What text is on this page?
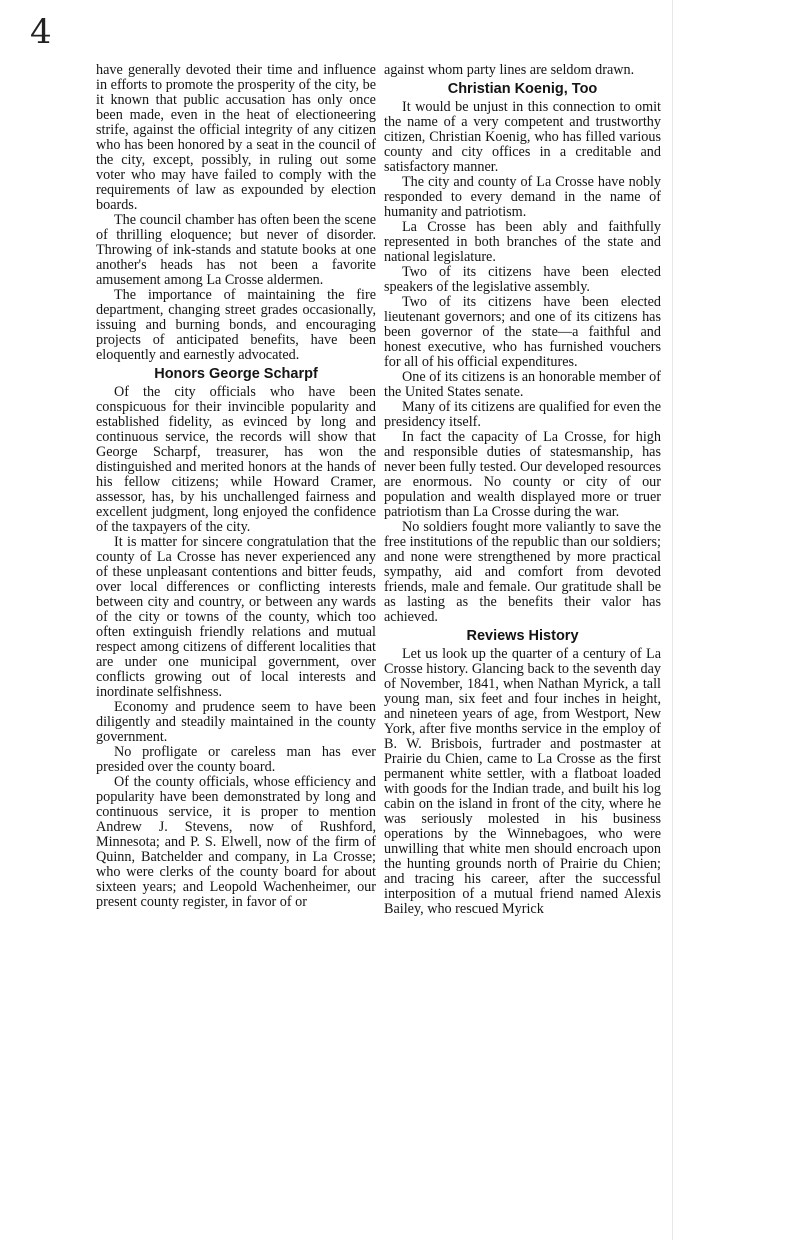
4

have generally devoted their time and influence in efforts to promote the prosperity of the city, be it known that public accusation has only once been made, even in the heat of electioneering strife, against the official integrity of any citizen who has been honored by a seat in the council of the city, except, possibly, in ruling out some voter who may have failed to comply with the requirements of law as expounded by election boards.

The council chamber has often been the scene of thrilling eloquence; but never of disorder. Throwing of ink-stands and statute books at one another's heads has not been a favorite amusement among La Crosse aldermen.

The importance of maintaining the fire department, changing street grades occasionally, issuing and burning bonds, and encouraging projects of anticipated benefits, have been eloquently and earnestly advocated.

Honors George Scharpf

Of the city officials who have been conspicuous for their invincible popularity and established fidelity, as evinced by long and continuous service, the records will show that George Scharpf, treasurer, has won the distinguished and merited honors at the hands of his fellow citizens; while Howard Cramer, assessor, has, by his unchallenged fairness and excellent judgment, long enjoyed the confidence of the taxpayers of the city.

It is matter for sincere congratulation that the county of La Crosse has never experienced any of these unpleasant contentions and bitter feuds, over local differences or conflicting interests between city and country, or between any wards of the city or towns of the county, which too often extinguish friendly relations and mutual respect among citizens of different localities that are under one municipal government, over conflicts growing out of local interests and inordinate selfishness.

Economy and prudence seem to have been diligently and steadily maintained in the county government.

No profligate or careless man has ever presided over the county board.

Of the county officials, whose efficiency and popularity have been demonstrated by long and continuous service, it is proper to mention Andrew J. Stevens, now of Rushford, Minnesota; and P. S. Elwell, now of the firm of Quinn, Batchelder and company, in La Crosse; who were clerks of the county board for about sixteen years; and Leopold Wachenheimer, our present county register, in favor of or

against whom party lines are seldom drawn.

Christian Koenig, Too

It would be unjust in this connection to omit the name of a very competent and trustworthy citizen, Christian Koenig, who has filled various county and city offices in a creditable and satisfactory manner.

The city and county of La Crosse have nobly responded to every demand in the name of humanity and patriotism.

La Crosse has been ably and faithfully represented in both branches of the state and national legislature.

Two of its citizens have been elected speakers of the legislative assembly.

Two of its citizens have been elected lieutenant governors; and one of its citizens has been governor of the state—a faithful and honest executive, who has furnished vouchers for all of his official expenditures.

One of its citizens is an honorable member of the United States senate.

Many of its citizens are qualified for even the presidency itself.

In fact the capacity of La Crosse, for high and responsible duties of statesmanship, has never been fully tested. Our developed resources are enormous. No county or city of our population and wealth displayed more or truer patriotism than La Crosse during the war.

No soldiers fought more valiantly to save the free institutions of the republic than our soldiers; and none were strengthened by more practical sympathy, aid and comfort from devoted friends, male and female. Our gratitude shall be as lasting as the benefits their valor has achieved.

Reviews History

Let us look up the quarter of a century of La Crosse history. Glancing back to the seventh day of November, 1841, when Nathan Myrick, a tall young man, six feet and four inches in height, and nineteen years of age, from Westport, New York, after five months service in the employ of B. W. Brisbois, furtrader and postmaster at Prairie du Chien, came to La Crosse as the first permanent white settler, with a flatboat loaded with goods for the Indian trade, and built his log cabin on the island in front of the city, where he was seriously molested in his business operations by the Winnebagoes, who were unwilling that white men should encroach upon the hunting grounds north of Prairie du Chien; and tracing his career, after the successful interposition of a mutual friend named Alexis Bailey, who rescued Myrick
